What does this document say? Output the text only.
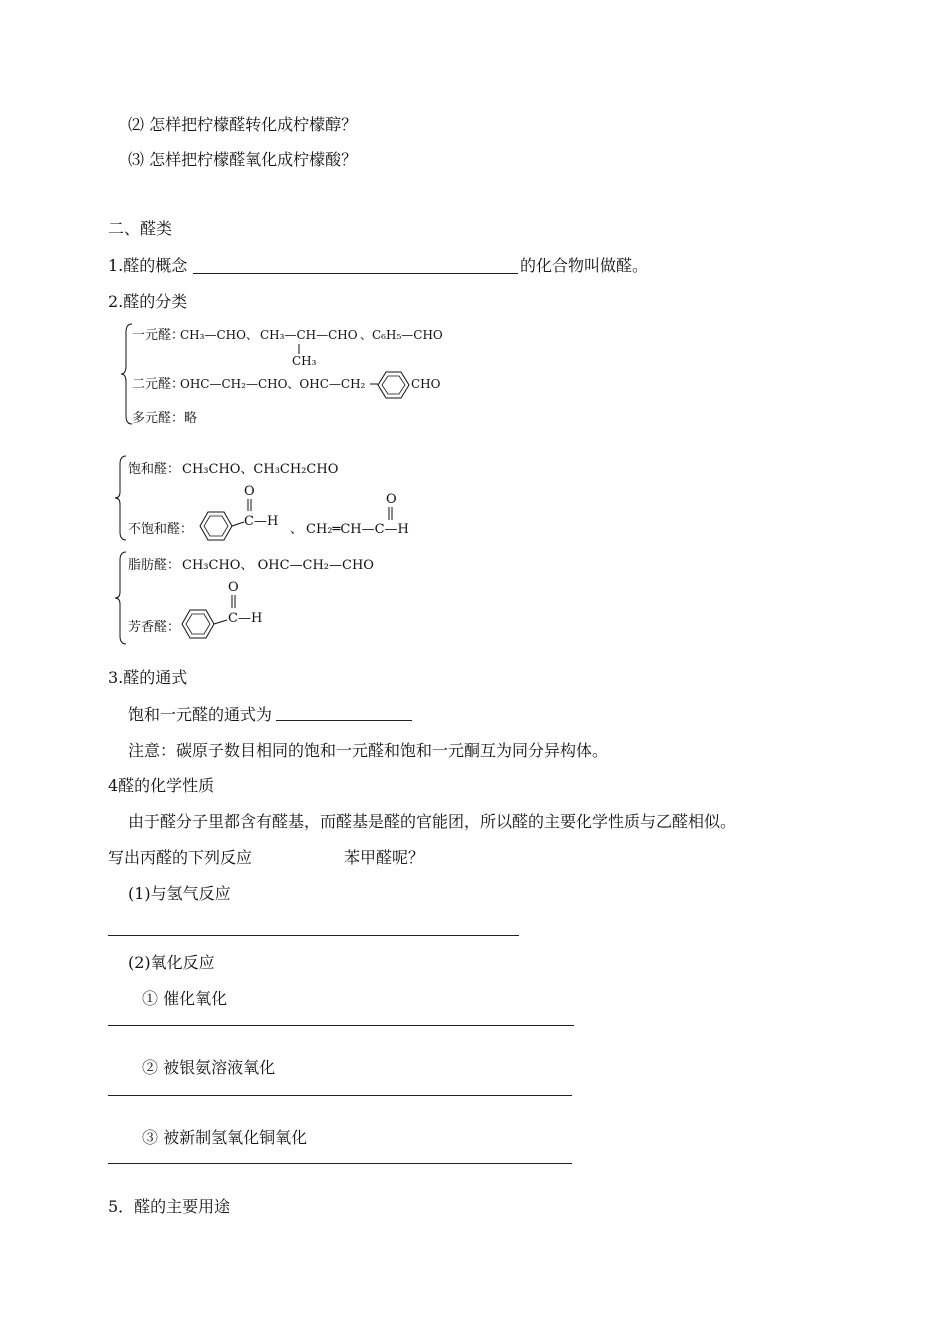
⑵ 怎样把柠檬醛转化成柠檬醇？
⑶ 怎样把柠檬醛氧化成柠檬酸？
二、醛类
1.醛的概念	的化合物叫做醛。
2.醛的分类
一元醛：
CH₃—CHO、 CH₃—CH—CHO
CH₃
、C₆H₅—CHO
二元醛：
OHC—CH₂—CHO、OHC—CH₂	CHO
多元醛：略
饱和醛： CH₃CHO、CH₃CH₂CHO
不饱和醛：
O
C—H
、 CH₂═CH—C—H
O
脂肪醛： CH₃CHO、 OHC—CH₂—CHO
芳香醛：
O
C—H
3.醛的通式
饱和一元醛的通式为
注意：碳原子数目相同的饱和一元醛和饱和一元酮互为同分异构体。
4醛的化学性质
由于醛分子里都含有醛基，而醛基是醛的官能团，所以醛的主要化学性质与乙醛相似。
写出丙醛的下列反应	苯甲醛呢？
(1)与氢气反应
(2)氧化反应
① 催化氧化
② 被银氨溶液氧化
③ 被新制氢氧化铜氧化
5．醛的主要用途
